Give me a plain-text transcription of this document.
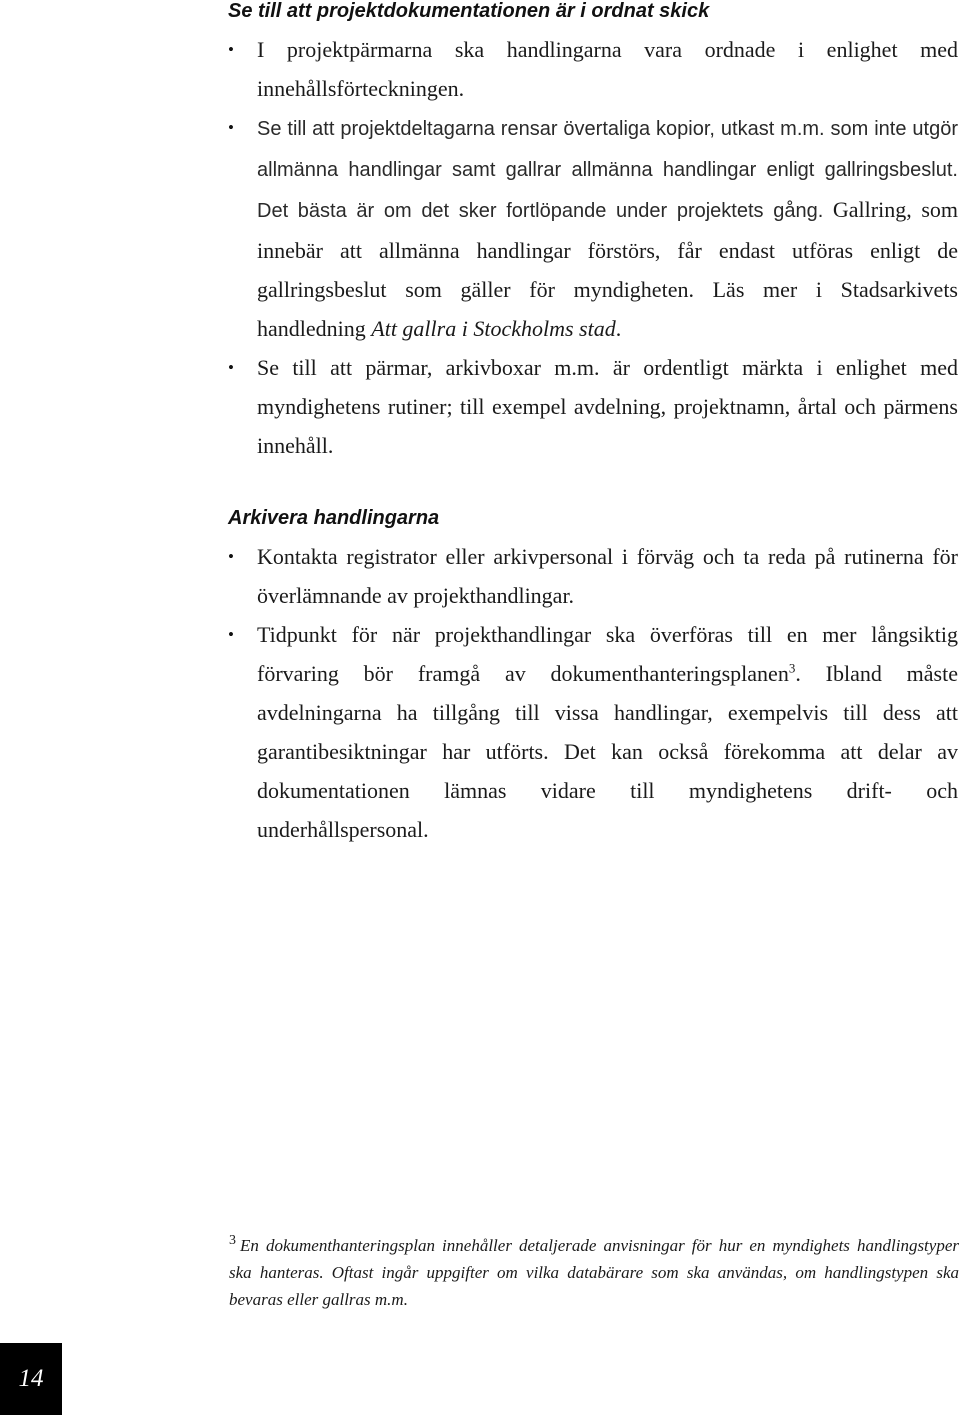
Se till att projektdokumentationen är i ordnat skick
•	I projektpärmarna ska handlingarna vara ordnade i enlighet med innehållsförteckningen.
•	Se till att projektdeltagarna rensar övertaliga kopior, utkast m.m. som inte utgör allmänna handlingar samt gallrar allmänna handlingar enligt gallringsbeslut. Det bästa är om det sker fortlöpande under projektets gång. Gallring, som innebär att allmänna handlingar förstörs, får endast utföras enligt de gallringsbeslut som gäller för myndigheten. Läs mer i Stadsarkivets handledning Att gallra i Stockholms stad.
•	Se till att pärmar, arkivboxar m.m. är ordentligt märkta i enlighet med myndighetens rutiner; till exempel avdelning, projektnamn, årtal och pärmens innehåll.
Arkivera handlingarna
•	Kontakta registrator eller arkivpersonal i förväg och ta reda på rutinerna för överlämnande av projekthandlingar.
•	Tidpunkt för när projekthandlingar ska överföras till en mer långsiktig förvaring bör framgå av dokumenthanteringsplanen$^3$. Ibland måste avdelningarna ha tillgång till vissa handlingar, exempelvis till dess att garantibesiktningar har utförts. Det kan också förekomma att delar av dokumentationen lämnas vidare till myndighetens drift- och underhållspersonal.

$^3$ En dokumenthanteringsplan innehåller detaljerade anvisningar för hur en myndighets handlingstyper ska hanteras. Oftast ingår uppgifter om vilka databärare som ska användas, om handlingstypen ska bevaras eller gallras m.m.

14
